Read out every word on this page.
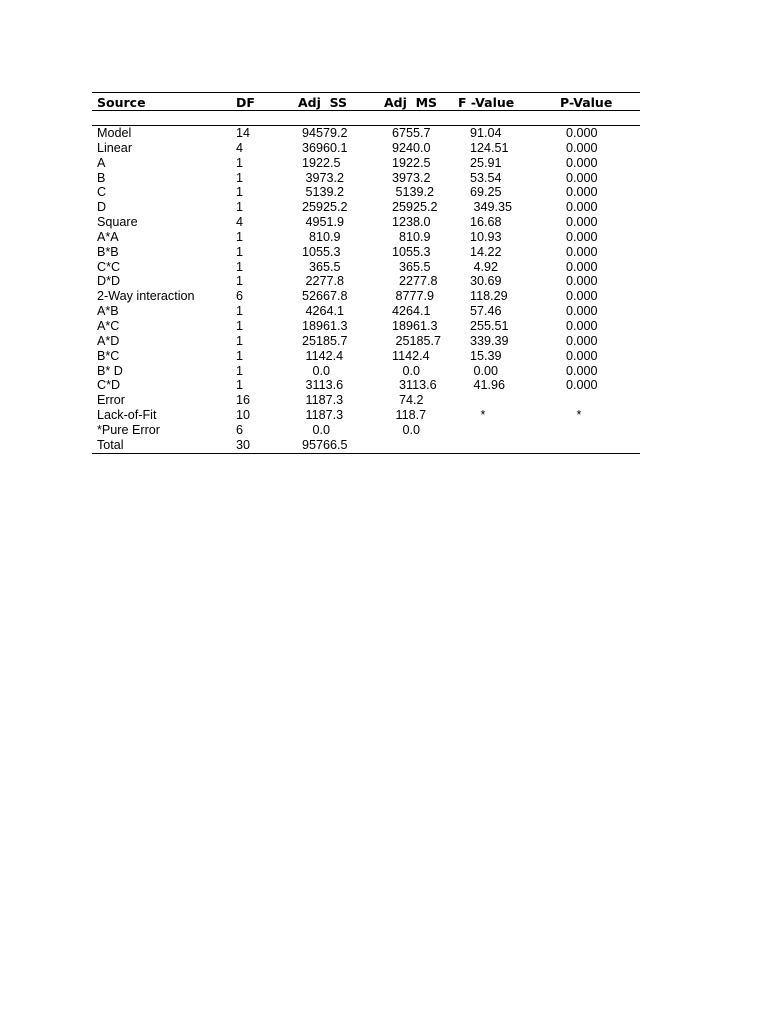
Source	DF	Adj  SS	Adj  MS	F -Value	P-Value

Model	14	94579.2	6755.7	91.04	0.000
Linear	4	36960.1	9240.0	124.51	0.000
A	1	1922.5	1922.5	25.91	0.000
B	1	3973.2	3973.2	53.54	0.000
C	1	5139.2	5139.2	69.25	0.000
D	1	25925.2	25925.2	349.35	0.000
Square	4	4951.9	1238.0	16.68	0.000
A*A	1	810.9	810.9	10.93	0.000
B*B	1	1055.3	1055.3	14.22	0.000
C*C	1	365.5	365.5	4.92	0.000
D*D	1	2277.8	2277.8	30.69	0.000
2-Way interaction	6	52667.8	8777.9	118.29	0.000
A*B	1	4264.1	4264.1	57.46	0.000
A*C	1	18961.3	18961.3	255.51	0.000
A*D	1	25185.7	25185.7	339.39	0.000
B*C	1	1142.4	1142.4	15.39	0.000
B* D	1	0.0	0.0	0.00	0.000
C*D	1	3113.6	3113.6	41.96	0.000
Error	16	1187.3	74.2		
Lack-of-Fit	10	1187.3	118.7	*	*
*Pure Error	6	0.0	0.0		
Total	30	95766.5			
